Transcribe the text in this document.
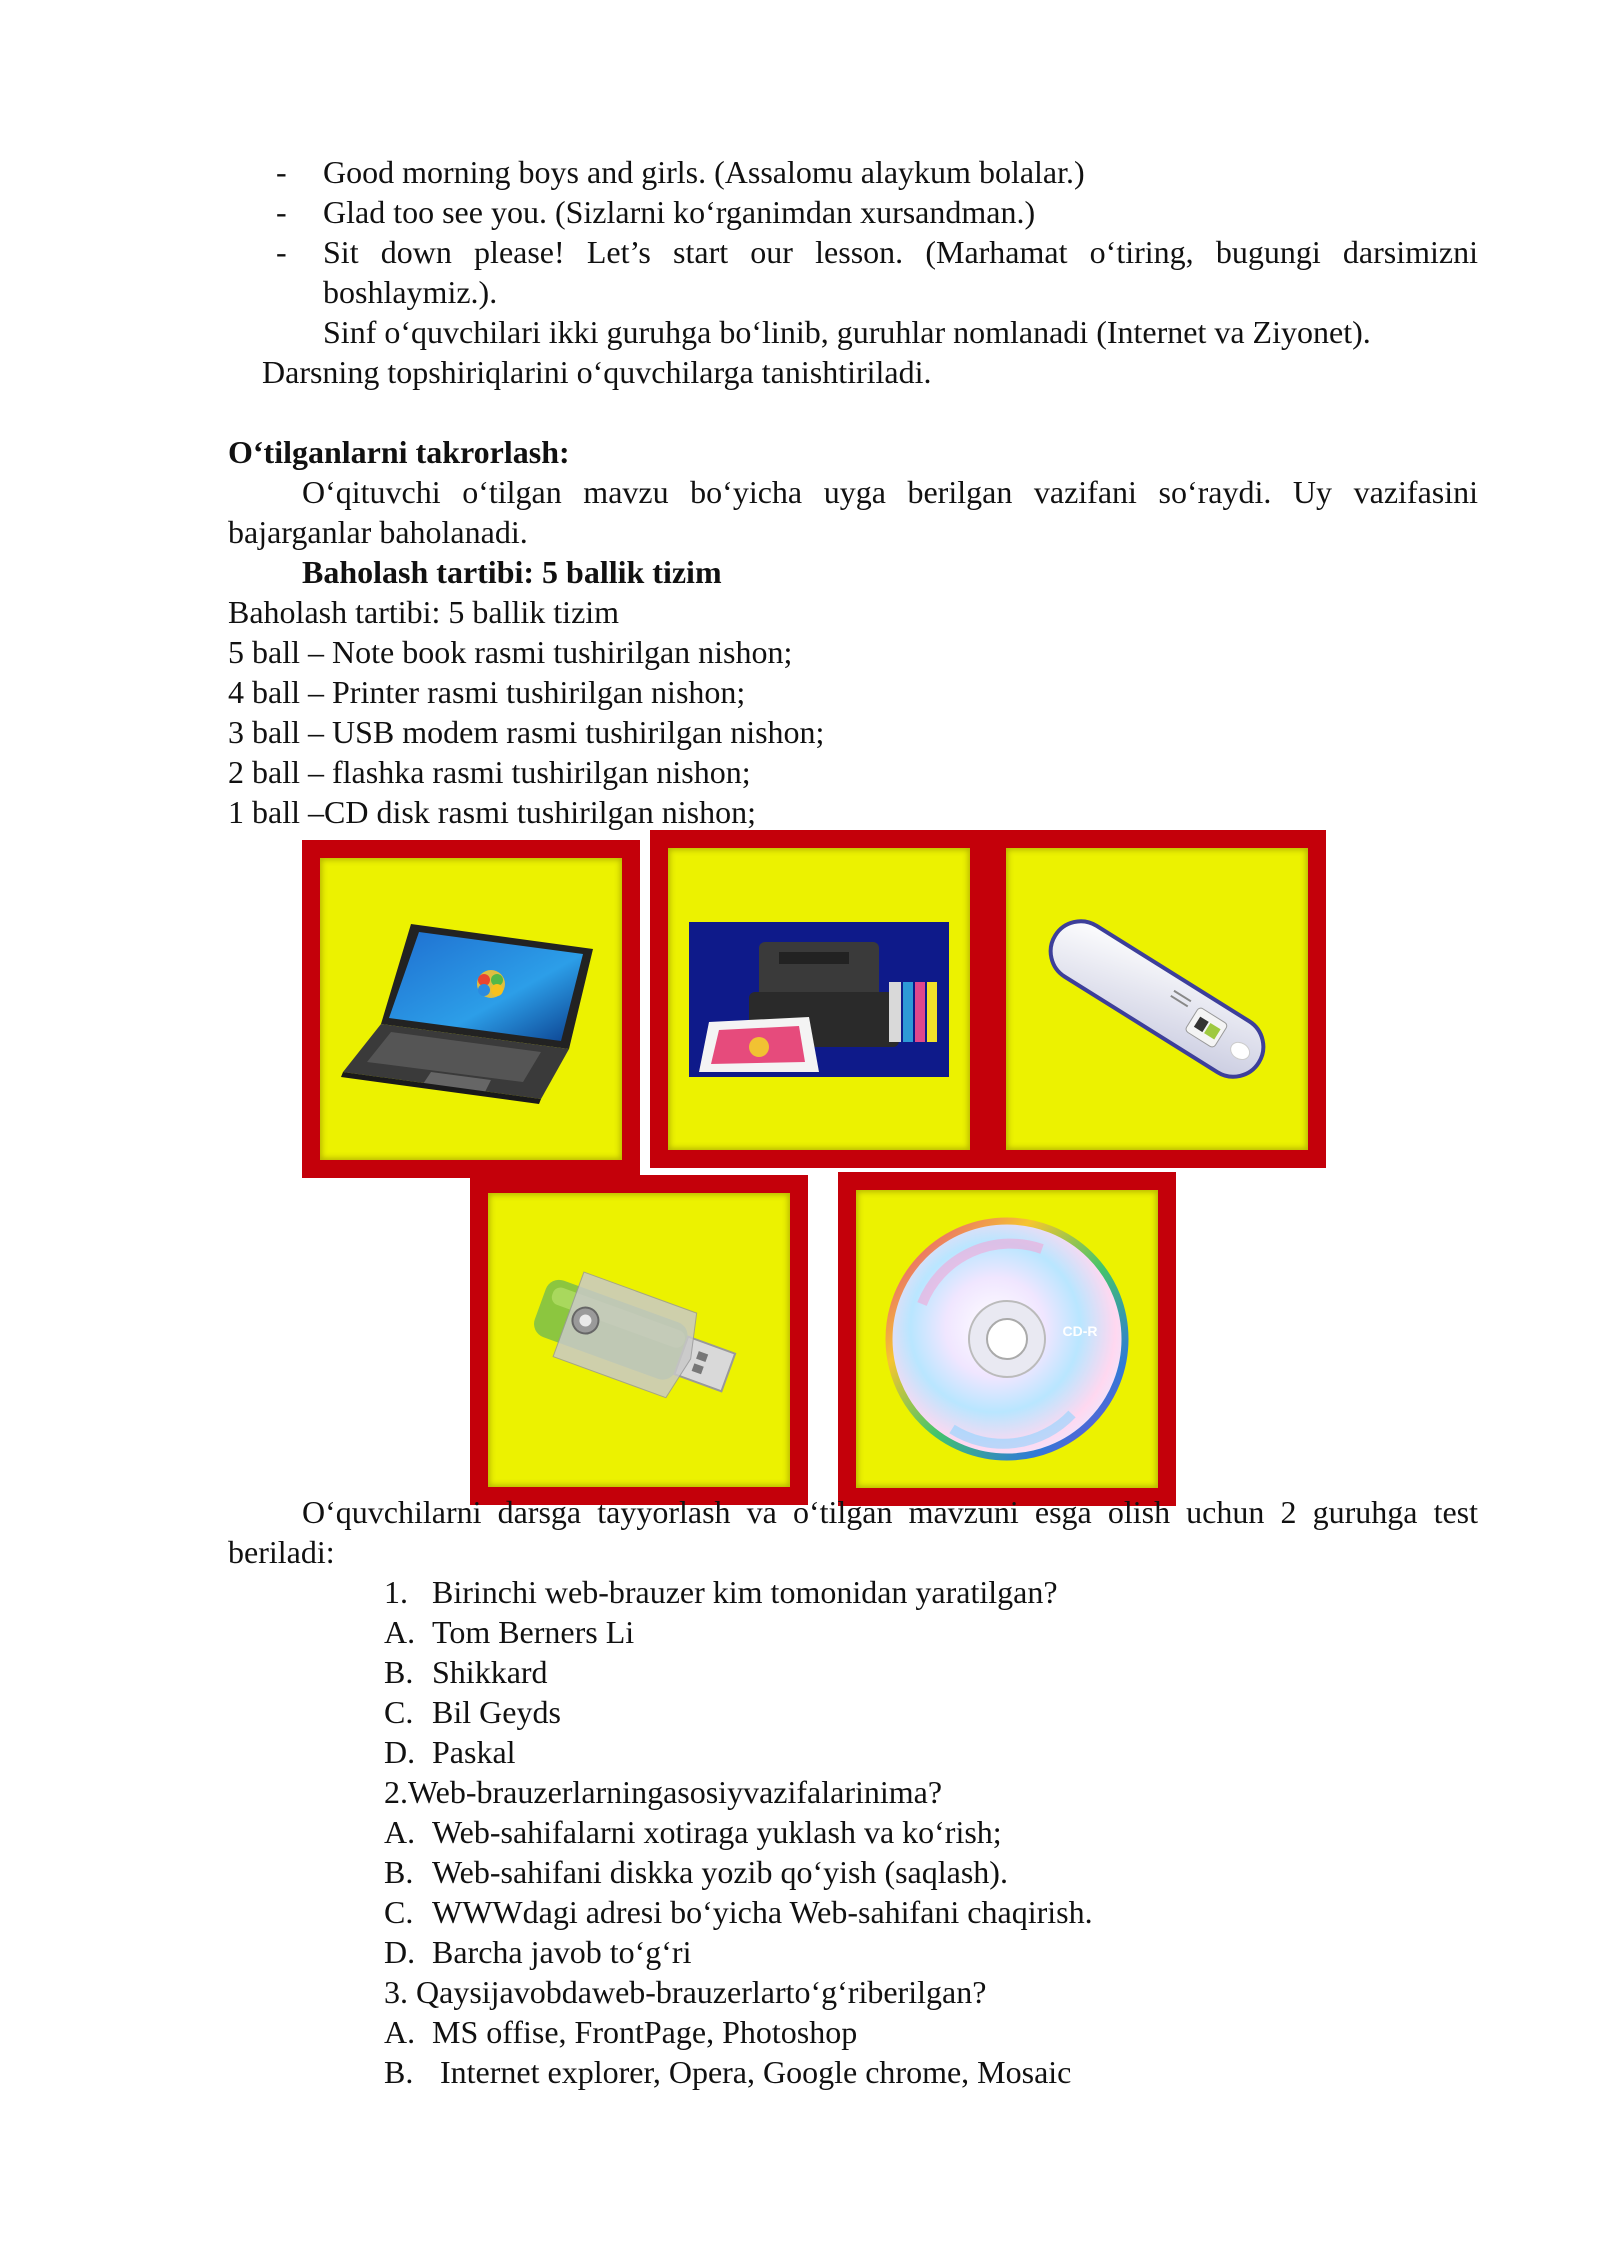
- Good morning boys and girls. (Assalomu alaykum bolalar.)
- Glad too see you. (Sizlarni ko‘rganimdan xursandman.)
- Sit down please! Let’s start our lesson. (Marhamat o‘tiring, bugungi darsimizni
boshlaymiz.).
Sinf o‘quvchilari ikki guruhga bo‘linib, guruhlar nomlanadi (Internet va Ziyonet).
Darsning topshiriqlarini o‘quvchilarga tanishtiriladi.
O‘tilganlarni takrorlash:
O‘qituvchi o‘tilgan mavzu bo‘yicha uyga berilgan vazifani so‘raydi. Uy vazifasini
bajarganlar baholanadi.
Baholash tartibi: 5 ballik tizim
Baholash tartibi: 5 ballik tizim
5 ball – Note book rasmi tushirilgan nishon;
4 ball – Printer rasmi tushirilgan nishon;
3 ball – USB modem rasmi tushirilgan nishon;
2 ball – flashka rasmi tushirilgan nishon;
1 ball –CD disk rasmi tushirilgan nishon;
CD-R
O‘quvchilarni darsga tayyorlash va o‘tilgan mavzuni esga olish uchun 2 guruhga test
beriladi:
1. Birinchi web-brauzer kim tomonidan yaratilgan?
A. Tom Berners Li
B. Shikkard
C. Bil Geyds
D. Paskal
2.Web-brauzerlarningasosiyvazifalarinima?
A. Web-sahifalarni xotiraga yuklash va ko‘rish;
B. Web-sahifani diskka yozib qo‘yish (saqlash).
C. WWWdagi adresi bo‘yicha Web-sahifani chaqirish.
D. Barcha javob to‘g‘ri
3. Qaysijavobdaweb-brauzerlarto‘g‘riberilgan?
A. MS offise, FrontPage, Photoshop
B. Internet explorer, Opera, Google chrome, Mosaic
